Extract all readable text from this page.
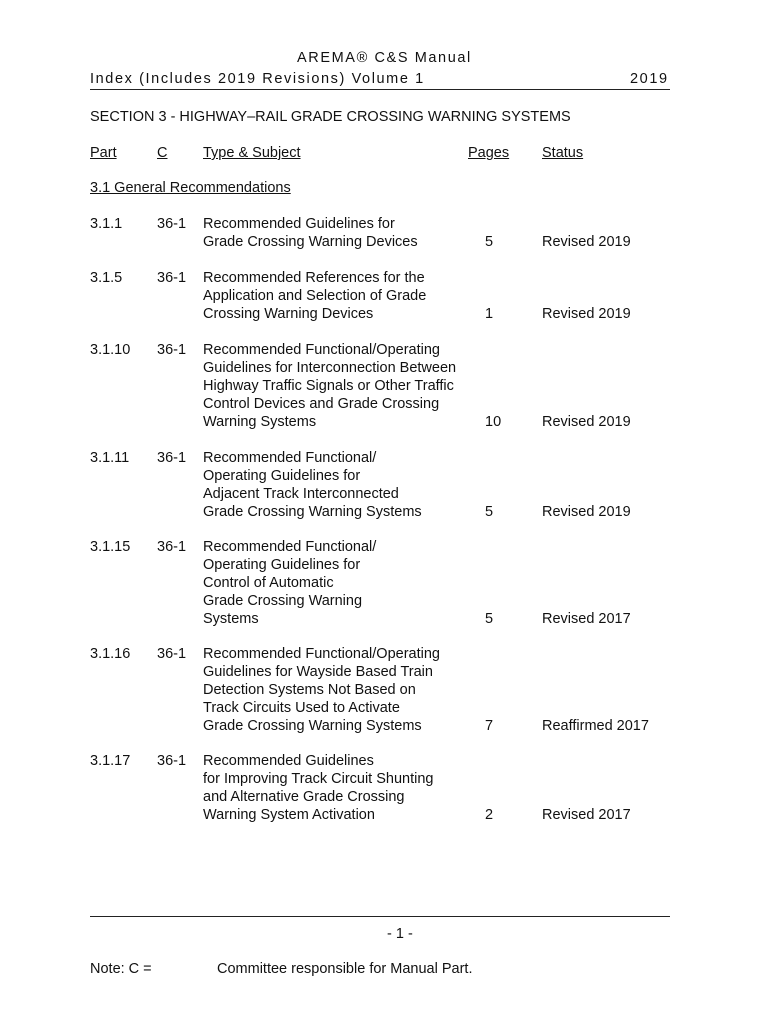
AREMA® C&S Manual
Index (Includes 2019 Revisions) Volume 1	2019
SECTION 3 - HIGHWAY–RAIL GRADE CROSSING WARNING SYSTEMS
Part	C Type & Subject	Pages Status
3.1 General Recommendations
3.1.1 36-1 Recommended Guidelines for
Grade Crossing Warning Devices	5	Revised 2019
3.1.5 36-1 Recommended References for the
Application and Selection of Grade
Crossing Warning Devices	1	Revised 2019
3.1.10 36-1 Recommended Functional/Operating
Guidelines for Interconnection Between
Highway Traffic Signals or Other Traffic
Control Devices and Grade Crossing
Warning Systems	10	Revised 2019
3.1.11 36-1 Recommended Functional/
Operating Guidelines for
Adjacent Track Interconnected
Grade Crossing Warning Systems	5	Revised 2019
3.1.15 36-1 Recommended Functional/
Operating Guidelines for
Control of Automatic
Grade Crossing Warning
Systems	5	Revised 2017
3.1.16 36-1 Recommended Functional/Operating
Guidelines for Wayside Based Train
Detection Systems Not Based on
Track Circuits Used to Activate
Grade Crossing Warning Systems	7	Reaffirmed 2017
3.1.17 36-1 Recommended Guidelines
for Improving Track Circuit Shunting
and Alternative Grade Crossing
Warning System Activation	2	Revised 2017
- 1 -
Note: C =	Committee responsible for Manual Part.
